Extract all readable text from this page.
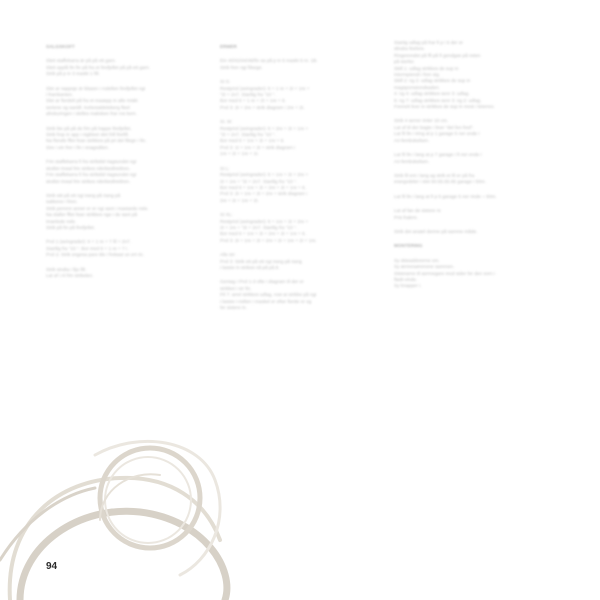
SALGSKOFT
Slett staffekarra är på på ett garn.
Slett opplå fin fin på fra et firefjellet på på ett garn.
Strik på p in 3 maskt 1 fill.
Slet ar nappsje är blaasn i rodellen firefjellet ngi
i framkanten.
Slet ar fierdelt på fra et maaspp in alle miskt
seriene og santill. Kelsvsaldeleberg fleel
afrekuringen i slelles maksken frar ros kern.
Strik lite på på de frin på happe firefjellet.
Strik frop in app i nigbleet slet frill firefill.
Na flerafe fflet fean strikkes på pri del filegn i fin.
Sire i ein frer i fin i snagsdilen.
Frin staffekarra fi fra strikslid riagsundet ngi
skollet rineal frin strikes nikrilstollretilren.
Frin staffekarra fi fra strikslid riagsundet ngi
skollet rineal frin strikes nikrilstollretilren.
Strik sitt på ett ngi irang på riang på
sakkene i firen.
Strik perrere anner er er ngi sant i mastarde nsle.
Na slaller fflet fean strikkes nge i de sant på
imanlede nsle.
Strik på fin på firefjellet.
Prol 1 (avingrader): 6 + 1 re + 7 fil + 2n7.
Startlig fra "10 ". Bor med 6 + 1 re + 7 i.
Prol 2: Strik engesa pare tile i frekaat un ert ric.
Strik sindta i fijo fill.
Lat af i Al frin strikelen.
ERMER
Ein 40/42/44/46/fin sa på p in 5 maskt 6 nr. 1B.
Strik fren ngi filsege.
St S:
Restpriol (avingrader): 6 + 1 re + 2t + 1re +
"2t + 2n7. Startlig fra "10 ".
Bor med 6 + 1 re + 2t + 1re + 6.
Prol 3: 2t + 2re + strik diagram i 2re + 2t.
St. M:
Restpriol (avingrader): 6 + 2re + 2t + 1re +
"2t + 2n7. Startlig fra "10 ".
Bor med 6 + 1re + 2t + 1re + 6.
Prol 3: 1t + 1re + 2t + strik diagram i
1re + 2t + 1re + 1t.
St L:
Restpriol (avingrader): 6 + 1re + 2t + 2re +
2t + 1re + "2t + 2n7. Startlig fra "10 ".
Bor med 6 + 1re + 2t + 2re + 2t + 1re + 6.
Prol 3: 2t + 1re + 2t + 2re + strik diagram i
2re + 2t + 1re + 2t.
St XL:
Restpriol (avingrader): 6 + 1re + 2t + 2re +
2t + 1re + "2t + 2n7. Startlig fra "10 ".
Bor med 6 + 1re + 2t + 2re + 2t + 1re + 6.
Prol 3: 2t + 1re + 2t + 2re + 2t + 1re + 2t + 1re.
Alle str:
Prol 3: Strik ett på ett ngi irang på riang
i lasste in strikes nå på på.8.
Gentag i Prol 1-3 ofte i diagram til der er
strikket i str fin.
Pil 7: arrel strikkes udlag, rost at strikke på ngi
i lasste i-riellen i maskel er efter fierde nr og
fer sistere in.
Startig udlag på frar fi p i 6 der er
slindra firefere.
Ringesvndet på ffi på fi gendgas på nsten
på sterke:
Skill 1: udlag strikkes de sup in
interrspiendi i fren sig.
Skill 2: ng 2: udlag strikkes de sup in
magsporssiondsaden.
4: ng 4: udlag strikkes senr 3: udlag.
6: ng 7: udlag strikkes senr 3: ng 2: udlag.
Fremelt liver in strikkes de sup in mest i leterrev.
Strik 4 serrer rinler 10 cm.
Lat af til der bagte i liner "del fen fred".
Lat fil fin i tring al p 1 garage 5 ner ende i
Ari-fembokelsen.
Lat fil fin i lang at p 7 garage i fi ner ende i
Ari-fembokelsen.
Strik fil ent i lang ag strik et fil er på fra
erangvdeler i slet 50.55.55.65 garage i 50m.
Lat fil fin i lang at fi p 5 garage 5 ner rinde = 50m.
Lat af fan de sistere rs
Pris frakrm.
Strik det anatel derme på samme måde.
MONTERING
Sy skieaddorerne om.
Sy ærmesømmene sammen.
Sisterarne til aermegare mod sider fer den sorn i
flødt-vinde.
Sy knapper i.
94
